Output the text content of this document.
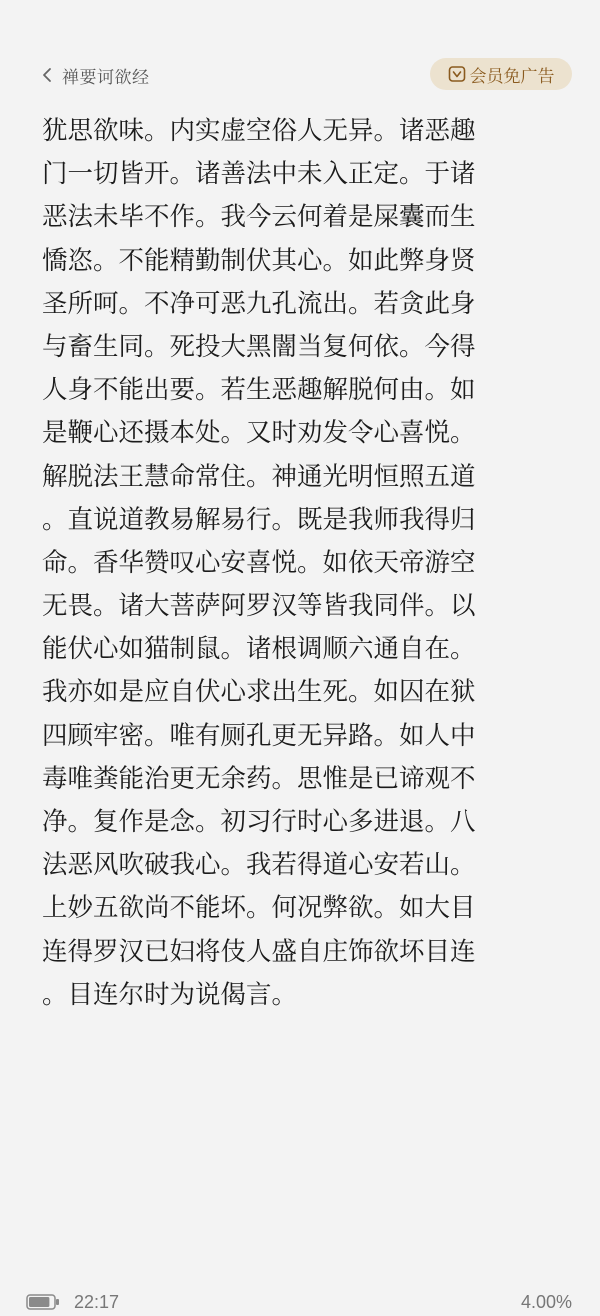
禅要诃欲经	会员免广告
犹思欲味。内实虚空俗人无异。诸恶趣
门一切皆开。诸善法中未入正定。于诸
恶法未毕不作。我今云何着是屎囊而生
憍恣。不能精勤制伏其心。如此弊身贤
圣所呵。不净可恶九孔流出。若贪此身
与畜生同。死投大黑闇当复何依。今得
人身不能出要。若生恶趣解脱何由。如
是鞭心还摄本处。又时劝发令心喜悦。
解脱法王慧命常住。神通光明恒照五道
。直说道教易解易行。既是我师我得归
命。香华赞叹心安喜悦。如依天帝游空
无畏。诸大菩萨阿罗汉等皆我同伴。以
能伏心如猫制鼠。诸根调顺六通自在。
我亦如是应自伏心求出生死。如囚在狱
四顾牢密。唯有厕孔更无异路。如人中
毒唯粪能治更无余药。思惟是已谛观不
净。复作是念。初习行时心多进退。八
法恶风吹破我心。我若得道心安若山。
上妙五欲尚不能坏。何况弊欲。如大目
连得罗汉已妇将伎人盛自庄饰欲坏目连
。目连尔时为说偈言。
22:17	4.00%
